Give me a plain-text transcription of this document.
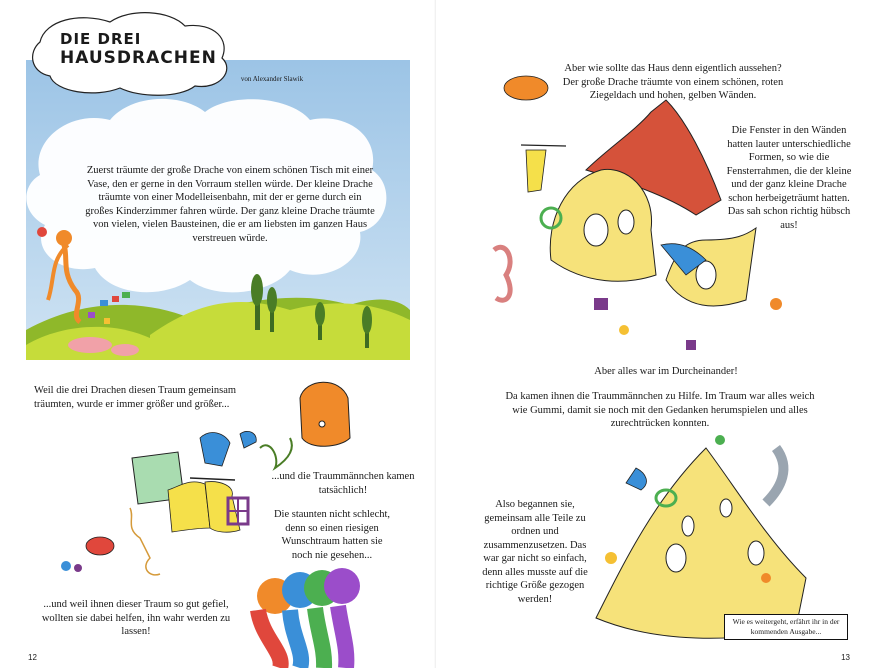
DIE DREI
HAUSDRACHEN
von Alexander Slawik
Zuerst träumte der große Drache von einem schönen Tisch mit einer Vase, den er gerne in den Vorraum stellen würde. Der kleine Drache träumte von einer Modelleisenbahn, mit der er gerne durch ein großes Kinderzimmer fahren würde. Der ganz kleine Drache träumte von vielen, vielen Bausteinen, die er am liebsten im ganzen Haus verstreuen würde.
Weil die drei Drachen diesen Traum gemeinsam träumten, wurde er immer größer und größer...
...und die Traummännchen kamen tatsächlich!
Die staunten nicht schlecht, denn so einen riesigen Wunschtraum hatten sie noch nie gesehen...
...und weil ihnen dieser Traum so gut gefiel, wollten sie dabei helfen, ihn wahr werden zu lassen!
12
Aber wie sollte das Haus denn eigentlich aussehen? Der große Drache träumte von einem schönen, roten Ziegeldach und hohen, gelben Wänden.
Die Fenster in den Wänden hatten lauter unterschiedliche Formen, so wie die Fensterrahmen, die der kleine und der ganz kleine Drache schon herbeigeträumt hatten. Das sah schon richtig hübsch aus!
Aber alles war im Durcheinander!
Da kamen ihnen die Traummännchen zu Hilfe. Im Traum war alles weich wie Gummi, damit sie noch mit den Gedanken herumspielen und alles zurechtrücken konnten.
Also begannen sie, gemeinsam alle Teile zu ordnen und zusammenzusetzen. Das war gar nicht so einfach, denn alles musste auf die richtige Größe gezogen werden!
Wie es weitergeht, erfährt ihr in der kommenden Ausgabe...
13
